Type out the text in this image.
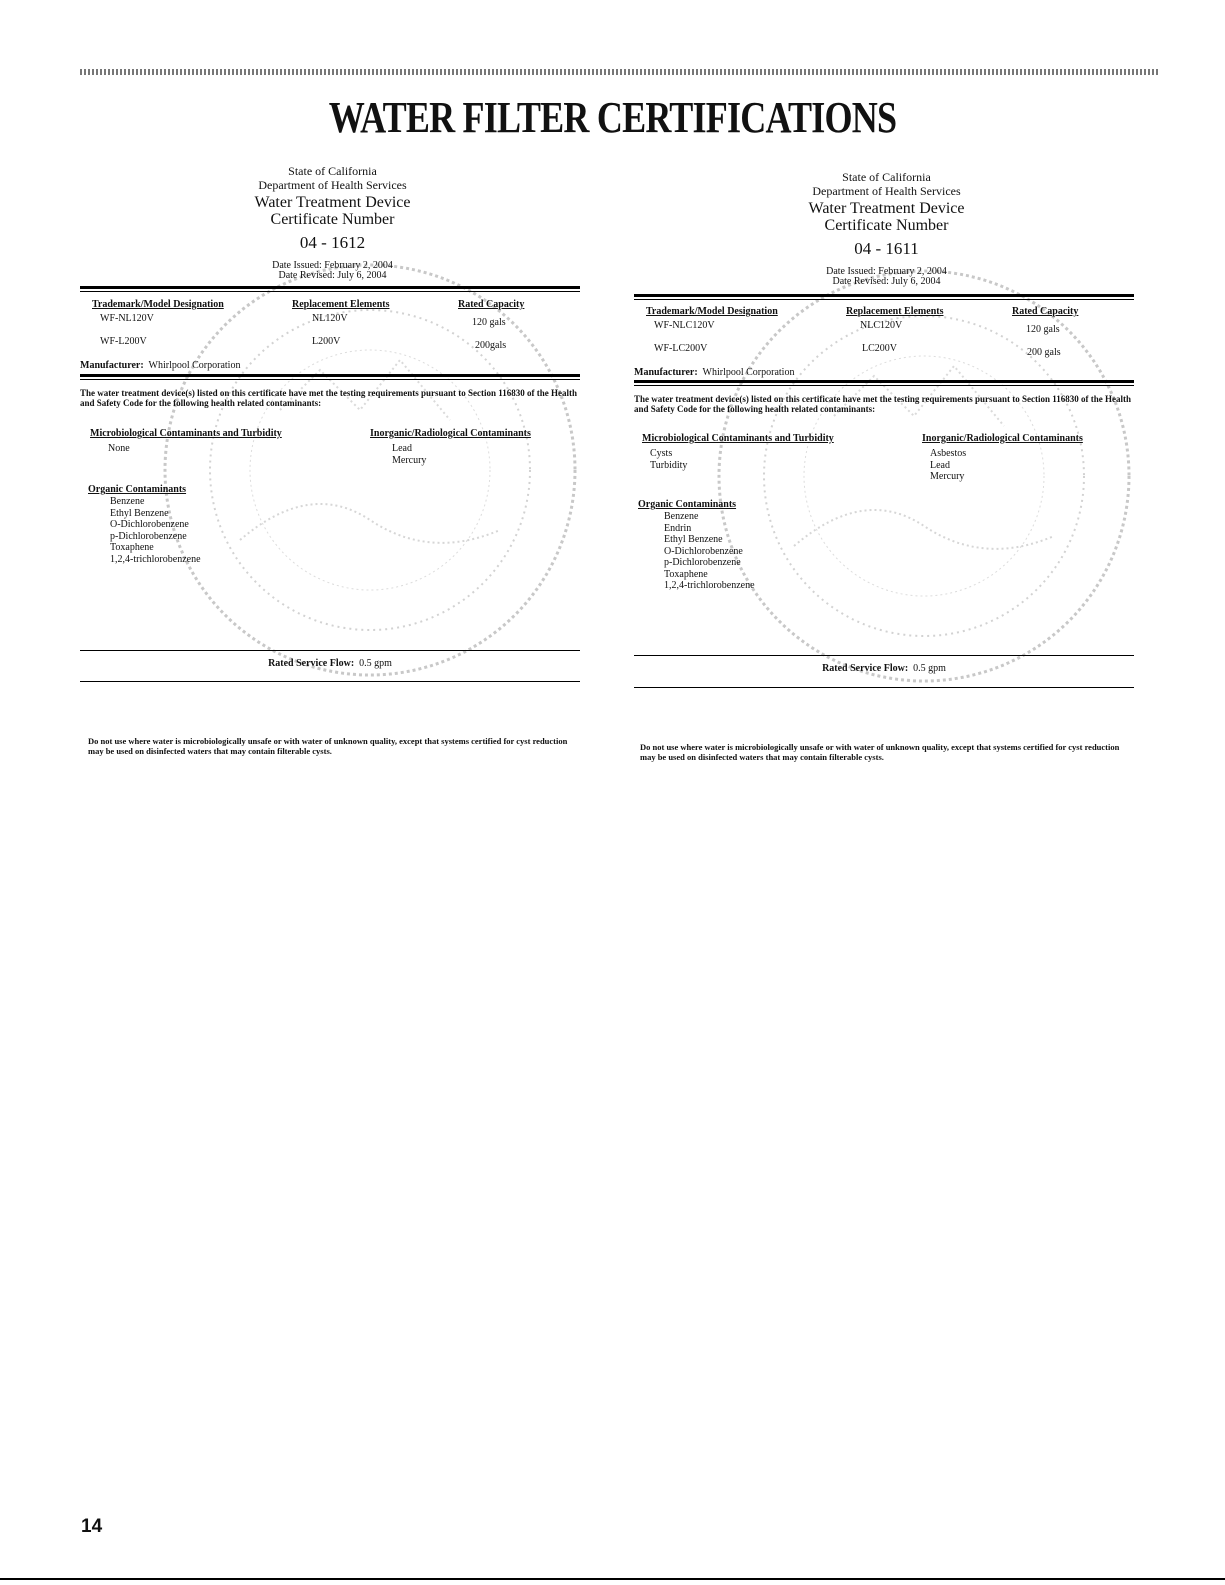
WATER FILTER CERTIFICATIONS
State of California
Department of Health Services
Water Treatment Device
Certificate Number
04 - 1612
Date Issued: February 2, 2004
Date Revised: July 6, 2004
Trademark/Model Designation	Replacement Elements	Rated Capacity
WF-NL120V	NL120V	120 gals
WF-L200V	L200V	200gals
Manufacturer: Whirlpool Corporation
The water treatment device(s) listed on this certificate have met the testing requirements pursuant to Section 116830 of the Health and Safety Code for the following health related contaminants:
Microbiological Contaminants and Turbidity
None
Inorganic/Radiological Contaminants
Lead
Mercury
Organic Contaminants
Benzene
Ethyl Benzene
O-Dichlorobenzene
p-Dichlorobenzene
Toxaphene
1,2,4-trichlorobenzene
Rated Service Flow: 0.5 gpm
Do not use where water is microbiologically unsafe or with water of unknown quality, except that systems certified for cyst reduction may be used on disinfected waters that may contain filterable cysts.
State of California
Department of Health Services
Water Treatment Device
Certificate Number
04 - 1611
Date Issued: February 2, 2004
Date Revised: July 6, 2004
Trademark/Model Designation	Replacement Elements	Rated Capacity
WF-NLC120V	NLC120V	120 gals
WF-LC200V	LC200V	200 gals
Manufacturer: Whirlpool Corporation
The water treatment device(s) listed on this certificate have met the testing requirements pursuant to Section 116830 of the Health and Safety Code for the following health related contaminants:
Microbiological Contaminants and Turbidity
Cysts
Turbidity
Inorganic/Radiological Contaminants
Asbestos
Lead
Mercury
Organic Contaminants
Benzene
Endrin
Ethyl Benzene
O-Dichlorobenzene
p-Dichlorobenzene
Toxaphene
1,2,4-trichlorobenzene
Rated Service Flow: 0.5 gpm
Do not use where water is microbiologically unsafe or with water of unknown quality, except that systems certified for cyst reduction may be used on disinfected waters that may contain filterable cysts.
14
